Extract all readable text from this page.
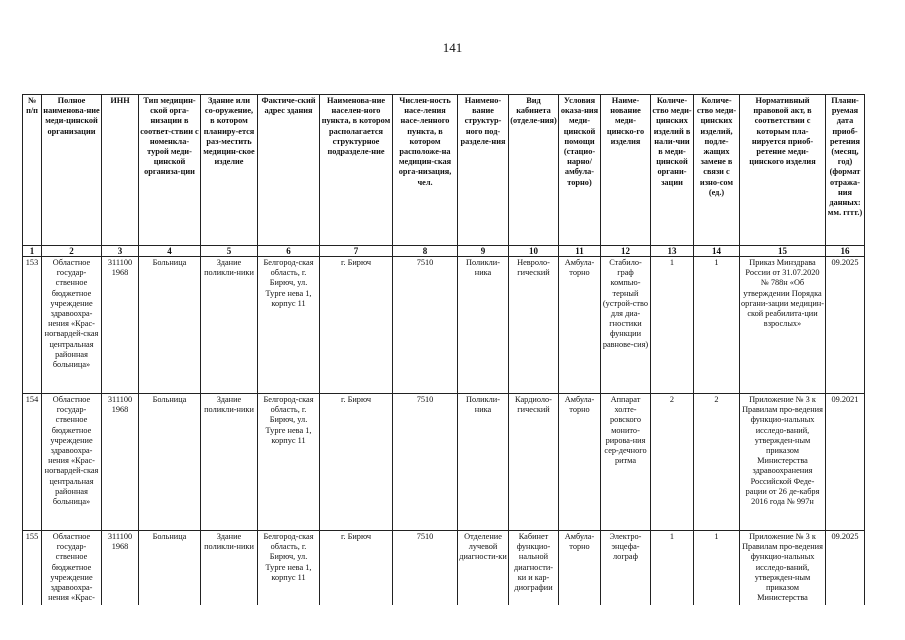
141
№ п/п	Полное наименова-ние меди-цинской организации	ИНН	Тип медицин-ской орга-низации в соответ-ствии с номенкла-турой меди-цинской организа-ции	Здание или со-оружение, в котором планиру-ется раз-местить медицин-ское изделие	Фактиче-ский адрес здания	Наименова-ние населен-ного пункта, в котором располагается структурное подразделе-ние	Числен-ность насе-ления насе-ленного пункта, в котором расположе-на медицин-ская орга-низация, чел.	Наимено-вание структур-ного под-разделе-ния	Вид кабинета (отделе-ния)	Условия оказа-ния меди-цинской помощи (стацио-нарно/ амбула-торно)	Наиме-нование меди-цинско-го изделия	Количе-ство меди-цинских изделий в нали-чии в меди-цинской органи-зации	Количе-ство меди-цинских изделий, подле-жащих замене в связи с изно-сом (ед.)	Нормативный правовой акт, в соответствии с которым пла-нируется приоб-ретение меди-цинского изделия	Плани-руемая дата приоб-ретения (месяц, год) (формат отража-ния данных: мм. гггг.)
1	2	3	4	5	6	7	8	9	10	11	12	13	14	15	16
153	Областное государ-ственное бюджетное учреждение здравоохра-нения «Крас-ногвардей-ская центральная районная больница»	311100 1968	Больница	Здание поликли-ники	Белгород-ская область, г. Бирюч, ул. Турге нева 1, корпус 11	г. Бирюч	7510	Поликли-ника	Невроло-гический	Амбула-торно	Стабило-граф компью-терный (устрой-ство для диа-гностики функции равнове-сия)	1	1	Приказ Минздрава России от 31.07.2020 № 788н «Об утверждении Порядка органи-зации медицин-ской реабилита-ции взрослых»	09.2025
154	Областное государ-ственное бюджетное учреждение здравоохра-нения «Крас-ногвардей-ская центральная районная больница»	311100 1968	Больница	Здание поликли-ники	Белгород-ская область, г. Бирюч, ул. Турге нева 1, корпус 11	г. Бирюч	7510	Поликли-ника	Кардиоло-гический	Амбула-торно	Аппарат холте-ровского монито-рирова-ния сер-дечного ритма	2	2	Приложение № 3 к Правилам про-ведения функцио-нальных исследо-ваний, утвержден-ным приказом Министерства здравоохранения Российской Феде-рации от 26 де-кабря 2016 года № 997н	09.2021
155	Областное государ-ственное бюджетное учреждение здравоохра-нения «Крас-	311100 1968	Больница	Здание поликли-ники	Белгород-ская область, г. Бирюч, ул. Турге нева 1, корпус 11	г. Бирюч	7510	Отделение лучевой диагности-ки	Кабинет функцио-нальной диагности-ки и кар-диографии	Амбула-торно	Электро-энцефа-лограф	1	1	Приложение № 3 к Правилам про-ведения функцио-нальных исследо-ваний, утвержден-ным приказом Министерства	09.2025
